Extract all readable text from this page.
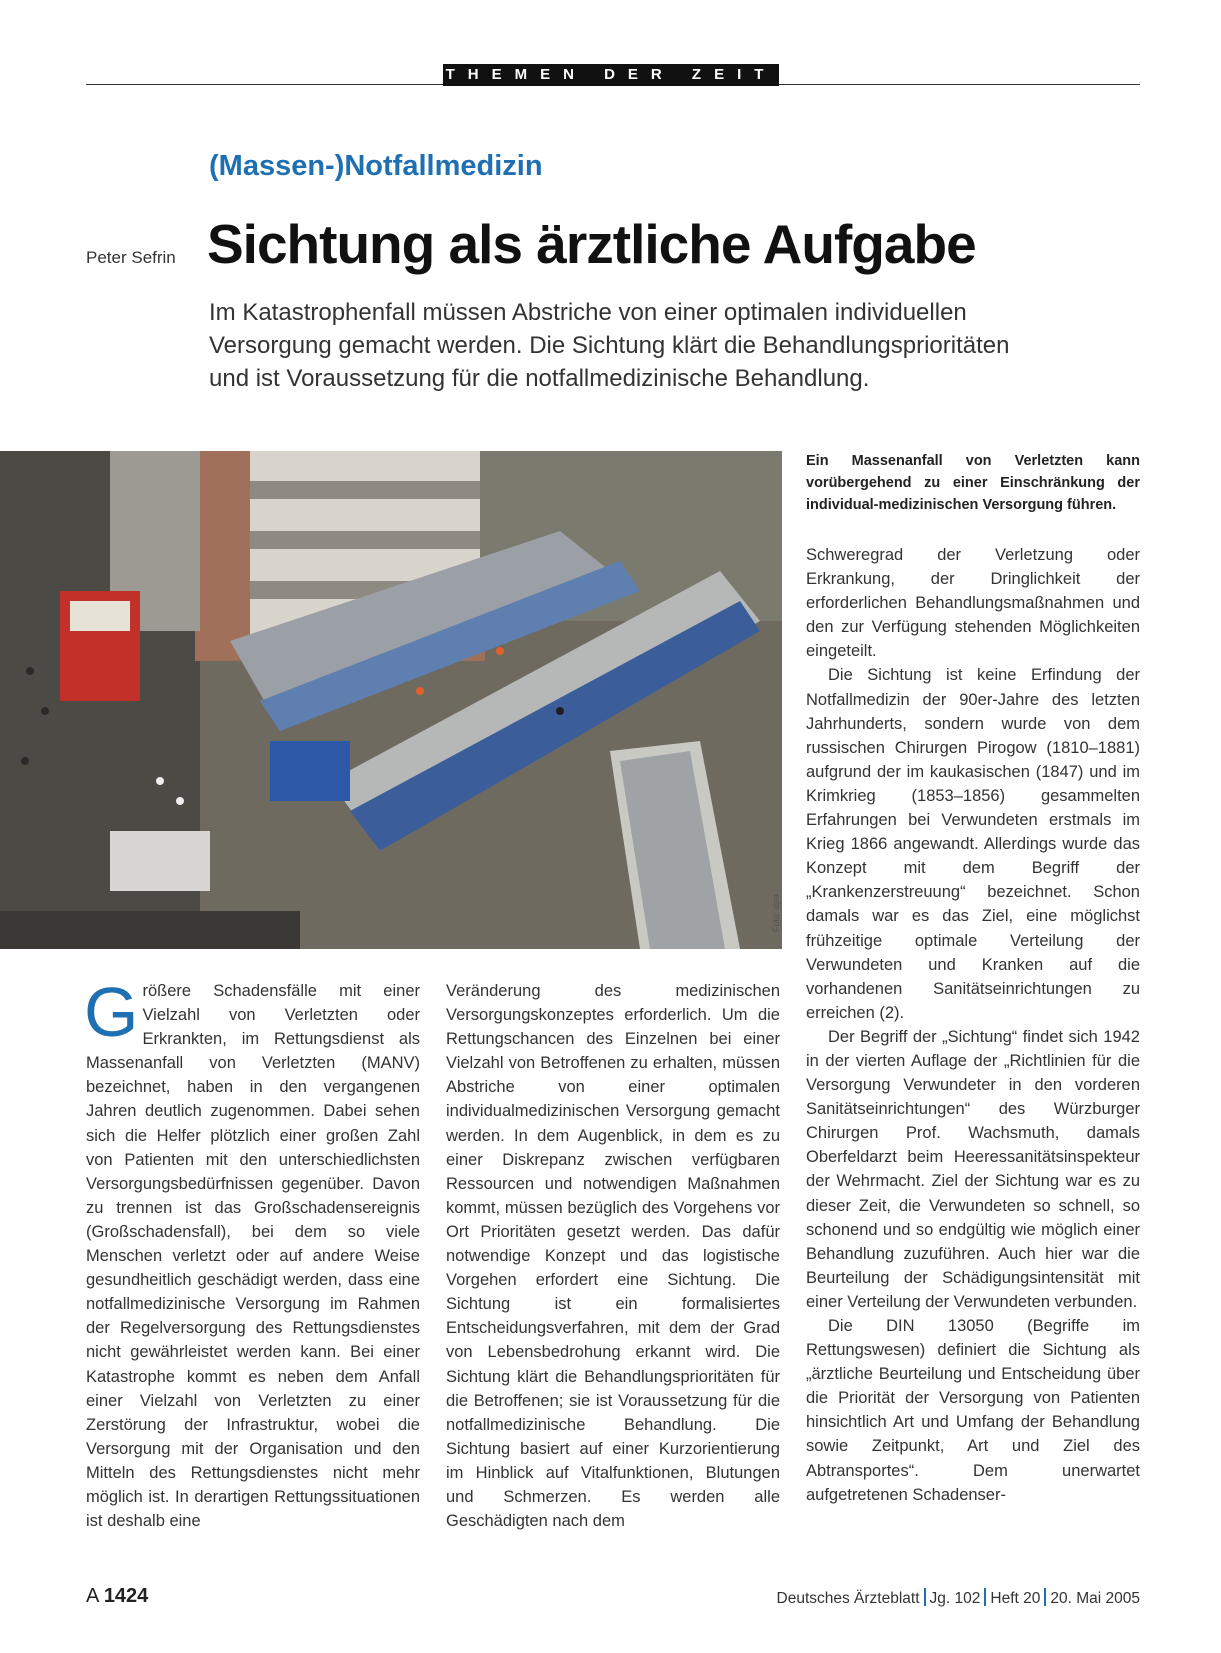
THEMEN DER ZEIT
(Massen-)Notfallmedizin
Peter Sefrin Sichtung als ärztliche Aufgabe
Im Katastrophenfall müssen Abstriche von einer optimalen individuellen
Versorgung gemacht werden. Die Sichtung klärt die Behandlungsprioritäten
und ist Voraussetzung für die notfallmedizinische Behandlung.
Foto: dpa
Ein Massenanfall von Verletzten kann vorübergehend zu einer Einschränkung der individual-medizinischen Versorgung führen.

Größere Schadensfälle mit einer Vielzahl von Verletzten oder Erkrankten, im Rettungsdienst als Massenanfall von Verletzten (MANV) bezeichnet, haben in den vergangenen Jahren deutlich zugenommen. Dabei sehen sich die Helfer plötzlich einer großen Zahl von Patienten mit den unterschiedlichsten Versorgungsbedürfnissen gegenüber. Davon zu trennen ist das Großschadensereignis (Großschadensfall), bei dem so viele Menschen verletzt oder auf andere Weise gesundheitlich geschädigt werden, dass eine notfallmedizinische Versorgung im Rahmen der Regelversorgung des Rettungsdienstes nicht gewährleistet werden kann. Bei einer Katastrophe kommt es neben dem Anfall einer Vielzahl von Verletzten zu einer Zerstörung der Infrastruktur, wobei die Versorgung mit der Organisation und den Mitteln des Rettungsdienstes nicht mehr möglich ist. In derartigen Rettungssituationen ist deshalb eine

Veränderung des medizinischen Versorgungskonzeptes erforderlich. Um die Rettungschancen des Einzelnen bei einer Vielzahl von Betroffenen zu erhalten, müssen Abstriche von einer optimalen individualmedizinischen Versorgung gemacht werden. In dem Augenblick, in dem es zu einer Diskrepanz zwischen verfügbaren Ressourcen und notwendigen Maßnahmen kommt, müssen bezüglich des Vorgehens vor Ort Prioritäten gesetzt werden. Das dafür notwendige Konzept und das logistische Vorgehen erfordert eine Sichtung. Die Sichtung ist ein formalisiertes Entscheidungsverfahren, mit dem der Grad von Lebensbedrohung erkannt wird. Die Sichtung klärt die Behandlungsprioritäten für die Betroffenen; sie ist Voraussetzung für die notfallmedizinische Behandlung. Die Sichtung basiert auf einer Kurzorientierung im Hinblick auf Vitalfunktionen, Blutungen und Schmerzen. Es werden alle Geschädigten nach dem

Schweregrad der Verletzung oder Erkrankung, der Dringlichkeit der erforderlichen Behandlungsmaßnahmen und den zur Verfügung stehenden Möglichkeiten eingeteilt.

Die Sichtung ist keine Erfindung der Notfallmedizin der 90er-Jahre des letzten Jahrhunderts, sondern wurde von dem russischen Chirurgen Pirogow (1810–1881) aufgrund der im kaukasischen (1847) und im Krimkrieg (1853–1856) gesammelten Erfahrungen bei Verwundeten erstmals im Krieg 1866 angewandt. Allerdings wurde das Konzept mit dem Begriff der „Krankenzerstreuung“ bezeichnet. Schon damals war es das Ziel, eine möglichst frühzeitige optimale Verteilung der Verwundeten und Kranken auf die vorhandenen Sanitätseinrichtungen zu erreichen (2).

Der Begriff der „Sichtung“ findet sich 1942 in der vierten Auflage der „Richtlinien für die Versorgung Verwundeter in den vorderen Sanitätseinrichtungen“ des Würzburger Chirurgen Prof. Wachsmuth, damals Oberfeldarzt beim Heeressanitätsinspekteur der Wehrmacht. Ziel der Sichtung war es zu dieser Zeit, die Verwundeten so schnell, so schonend und so endgültig wie möglich einer Behandlung zuzuführen. Auch hier war die Beurteilung der Schädigungsintensität mit einer Verteilung der Verwundeten verbunden.

Die DIN 13050 (Begriffe im Rettungswesen) definiert die Sichtung als „ärztliche Beurteilung und Entscheidung über die Priorität der Versorgung von Patienten hinsichtlich Art und Umfang der Behandlung sowie Zeitpunkt, Art und Ziel des Abtransportes“. Dem unerwartet aufgetretenen Schadenser-

A 1424	Deutsches Ärzteblatt Jg. 102 Heft 20 20. Mai 2005
